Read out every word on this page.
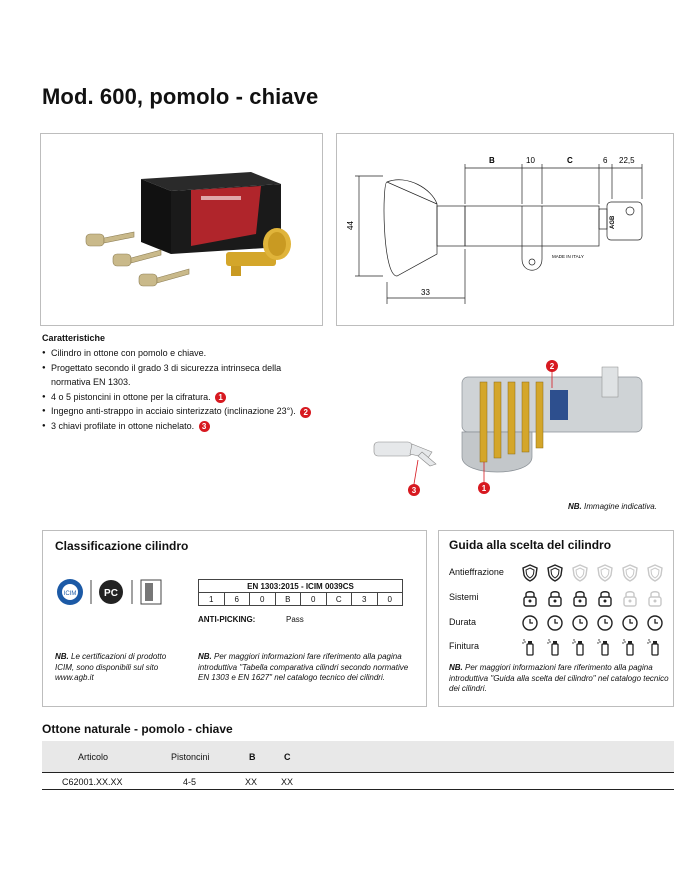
Mod. 600, pomolo - chiave
B	10	C	6 22,5
44
33
MADE IN ITALY
AGB
Caratteristiche
● Cilindro in ottone con pomolo e chiave.
● Progettato secondo il grado 3 di sicurezza intrinseca della
normativa EN 1303.
● 4 o 5 pistoncini in ottone per la cifratura. 1
● Ingegno anti-strappo in acciaio sinterizzato (inclinazione 23°). 2
● 3 chiavi profilate in ottone nichelato. 3
2
1
3
NB. Immagine indicativa.
Classificazione cilindro
ICIM	PC
EN 1303:2015 - ICIM 0039CS
1	6	0	B	0	C	3	0
ANTI-PICKING:	Pass
NB. Le certificazioni di prodotto ICIM, sono disponibili sul sito www.agb.it
NB. Per maggiori informazioni fare riferimento alla pagina introduttiva "Tabella comparativa cilindri secondo normative EN 1303 e EN 1627" nel catalogo tecnico dei cilindri.
Guida alla scelta del cilindro
Antieffrazione
Sistemi
Durata
Finitura
NB. Per maggiori informazioni fare riferimento alla pagina introduttiva "Guida alla scelta del cilindro" nel catalogo tecnico dei cilindri.
Ottone naturale - pomolo - chiave
Articolo	Pistoncini	B	C
C62001.XX.XX	4-5	XX	XX
